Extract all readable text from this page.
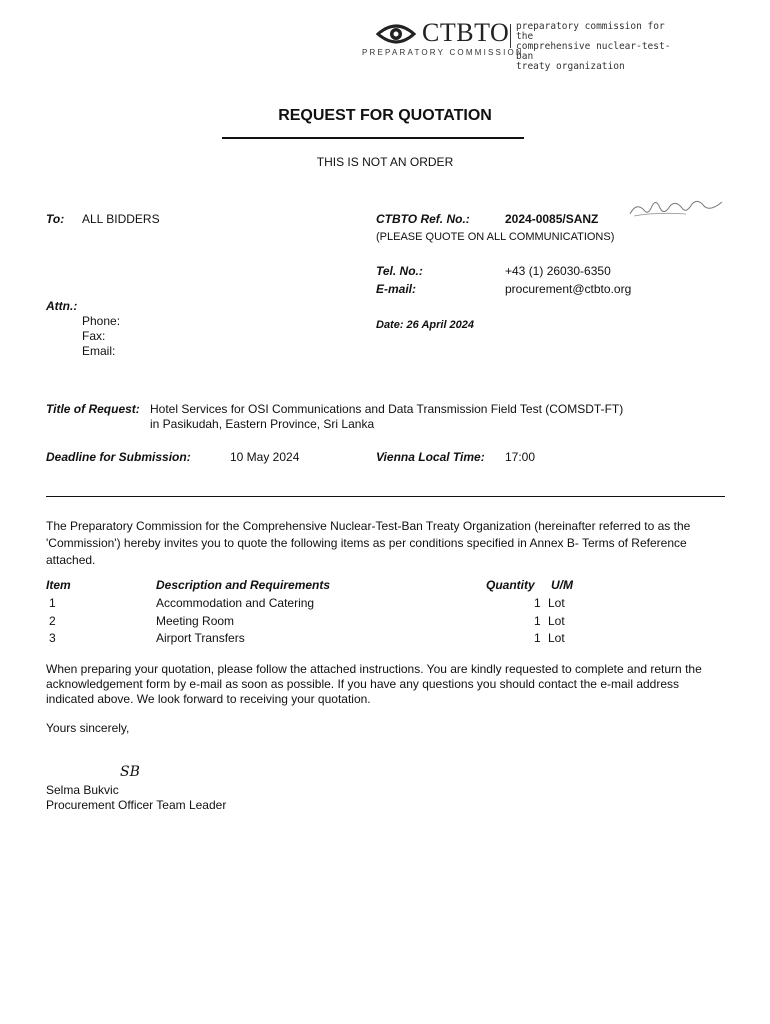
CTBTO
PREPARATORY COMMISSION
preparatory commission for the
comprehensive nuclear-test-ban
treaty organization
REQUEST FOR QUOTATION
THIS IS NOT AN ORDER
To: ALL BIDDERS
Attn.:
Phone:
Fax:
Email:
CTBTO Ref. No.:	2024-0085/SANZ
(PLEASE QUOTE ON ALL COMMUNICATIONS)
Tel. No.:	+43 (1) 26030-6350
E-mail:	procurement@ctbto.org
Date: 26 April 2024
Title of Request: Hotel Services for OSI Communications and Data Transmission Field Test (COMSDT-FT)
in Pasikudah, Eastern Province, Sri Lanka
Deadline for Submission:	10 May 2024	Vienna Local Time: 17:00
The Preparatory Commission for the Comprehensive Nuclear-Test-Ban Treaty Organization (hereinafter referred to as the 'Commission') hereby invites you to quote the following items as per conditions specified in Annex B- Terms of Reference attached.
Item	Description and Requirements	Quantity U/M
1	Accommodation and Catering	1 Lot
2	Meeting Room	1 Lot
3	Airport Transfers	1 Lot
When preparing your quotation, please follow the attached instructions. You are kindly requested to complete and return the acknowledgement form by e-mail as soon as possible. If you have any questions you should contact the e-mail address indicated above. We look forward to receiving your quotation.
Yours sincerely,
SB
Selma Bukvic
Procurement Officer Team Leader
